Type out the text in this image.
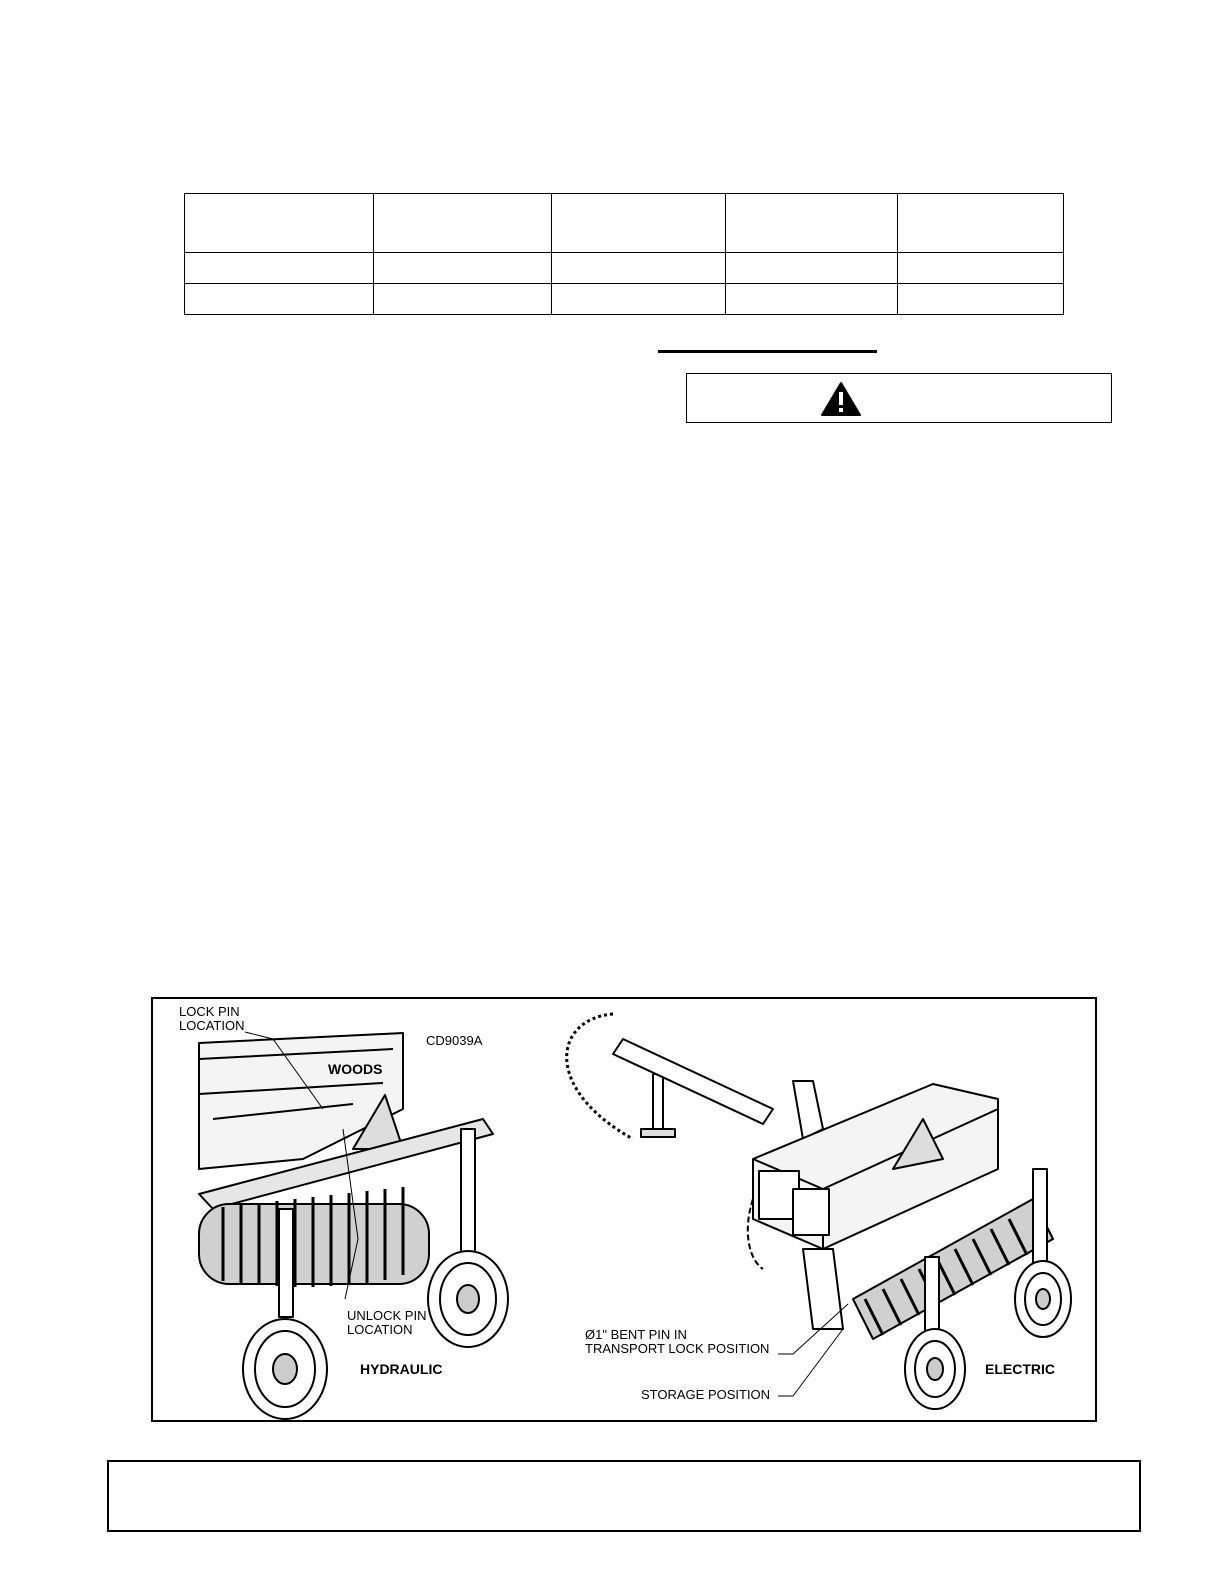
WOODS
LOCK PIN
LOCATION
CD9039A
UNLOCK PIN
LOCATION
HYDRAULIC
Ø1" BENT PIN IN
TRANSPORT LOCK POSITION
STORAGE POSITION
ELECTRIC
